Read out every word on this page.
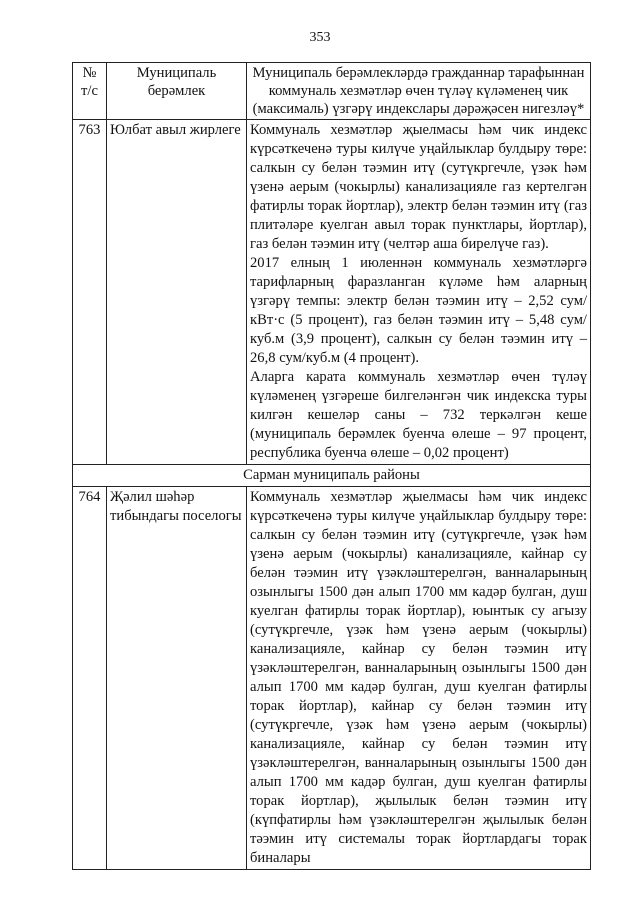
353
№ т/с	Муниципаль берәмлек	Муниципаль берәмлекләрдә гражданнар тарафыннан коммуналь хезмәтләр өчен түләү күләменең чик (максималь) үзгәрү индекслары дәрәҗәсен нигезләү*
763	Юлбат авыл жирлеге	Коммуналь хезмәтләр җыелмасы һәм чик индекс күрсәткеченә туры килүче уңайлыклар булдыру төре: салкын су белән тәэмин итү (сутүкргечле, үзәк һәм үзенә аерым (чокырлы) канализацияле газ кертелгән фатирлы торак йортлар), электр белән тәэмин итү (газ плитәләре куелган авыл торак пунктлары, йортлар), газ белән тәэмин итү (челтәр аша бирелүче газ).

2017 елның 1 июленнән коммуналь хезмәтләргә тарифларның фаразланган күләме һәм аларның үзгәрү темпы: электр белән тәэмин итү – 2,52 сум/кВт·с (5 процент), газ белән тәэмин итү – 5,48 сум/куб.м (3,9 процент), салкын су белән тәэмин итү – 26,8 сум/куб.м (4 процент).

Аларга карата коммуналь хезмәтләр өчен түләү күләменең үзгәреше билгеләнгән чик индекска туры килгән кешеләр саны – 732 теркәлгән кеше (муниципаль берәмлек буенча өлеше – 97 процент, республика буенча өлеше – 0,02 процент)

Сарман муниципаль районы		
764	Җәлил шәһәр тибындагы поселогы	Коммуналь хезмәтләр җыелмасы һәм чик индекс күрсәткеченә туры килүче уңайлыклар булдыру төре: салкын су белән тәэмин итү (сутүкргечле, үзәк һәм үзенә аерым (чокырлы) канализацияле, кайнар су белән тәэмин итү үзәкләштерелгән, ванналарының озынлыгы 1500 дән алып 1700 мм кадәр булган, душ куелган фатирлы торак йортлар), юынтык су агызу (сутүкргечле, үзәк һәм үзенә аерым (чокырлы) канализацияле, кайнар су белән тәэмин итү үзәкләштерелгән, ванналарының озынлыгы 1500 дән алып 1700 мм кадәр булган, душ куелган фатирлы торак йортлар), кайнар су белән тәэмин итү (сутүкргечле, үзәк һәм үзенә аерым (чокырлы) канализацияле, кайнар су белән тәэмин итү үзәкләштерелгән, ванналарының озынлыгы 1500 дән алып 1700 мм кадәр булган, душ куелган фатирлы торак йортлар), җылылык белән тәэмин итү (күпфатирлы һәм үзәкләштерелгән җылылык белән тәэмин итү системалы торак йортлардагы торак биналары
